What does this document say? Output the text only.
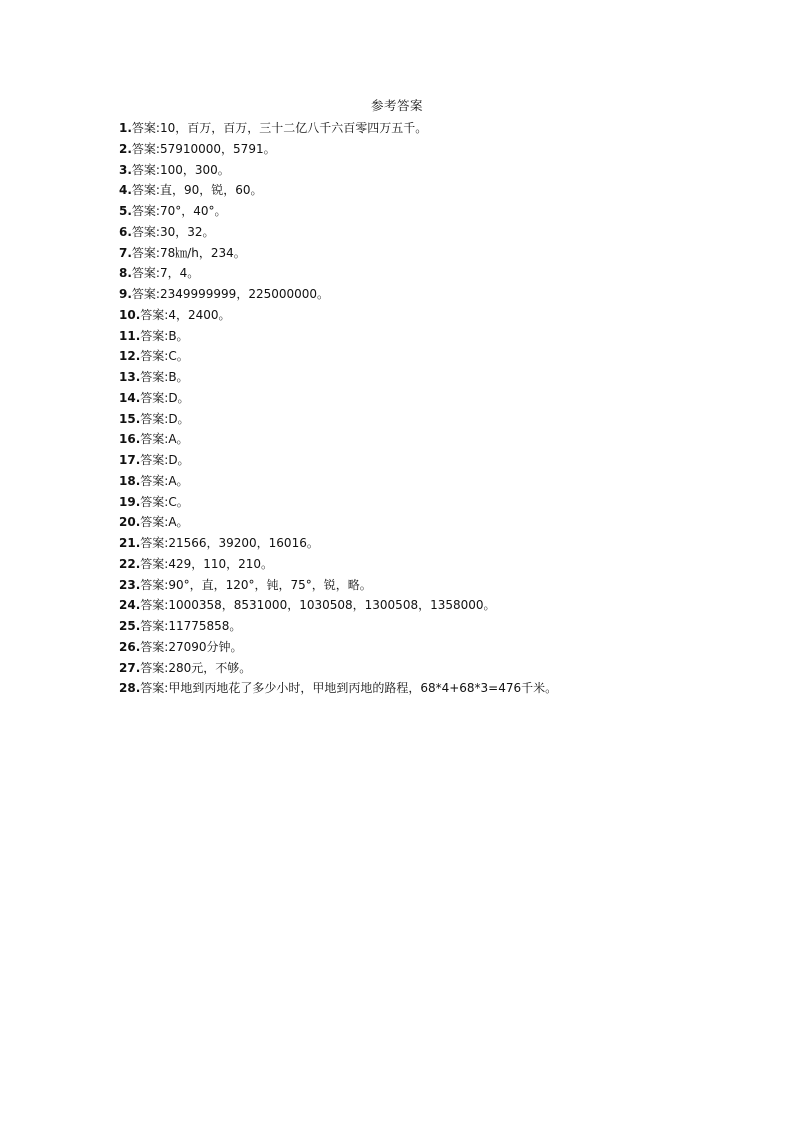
参考答案
1.答案:10，百万，百万，三十二亿八千六百零四万五千。
2.答案:57910000，5791。
3.答案:100，300。
4.答案:直，90，锐，60。
5.答案:70°，40°。
6.答案:30，32。
7.答案:78㎞/h，234。
8.答案:7，4。
9.答案:2349999999，225000000。
10.答案:4，2400。
11.答案:B。
12.答案:C。
13.答案:B。
14.答案:D。
15.答案:D。
16.答案:A。
17.答案:D。
18.答案:A。
19.答案:C。
20.答案:A。
21.答案:21566，39200，16016。
22.答案:429，110，210。
23.答案:90°，直，120°，钝，75°，锐，略。
24.答案:1000358，8531000，1030508，1300508，1358000。
25.答案:11775858。
26.答案:27090分钟。
27.答案:280元，不够。
28.答案:甲地到丙地花了多少小时，甲地到丙地的路程，68*4+68*3=476千米。
